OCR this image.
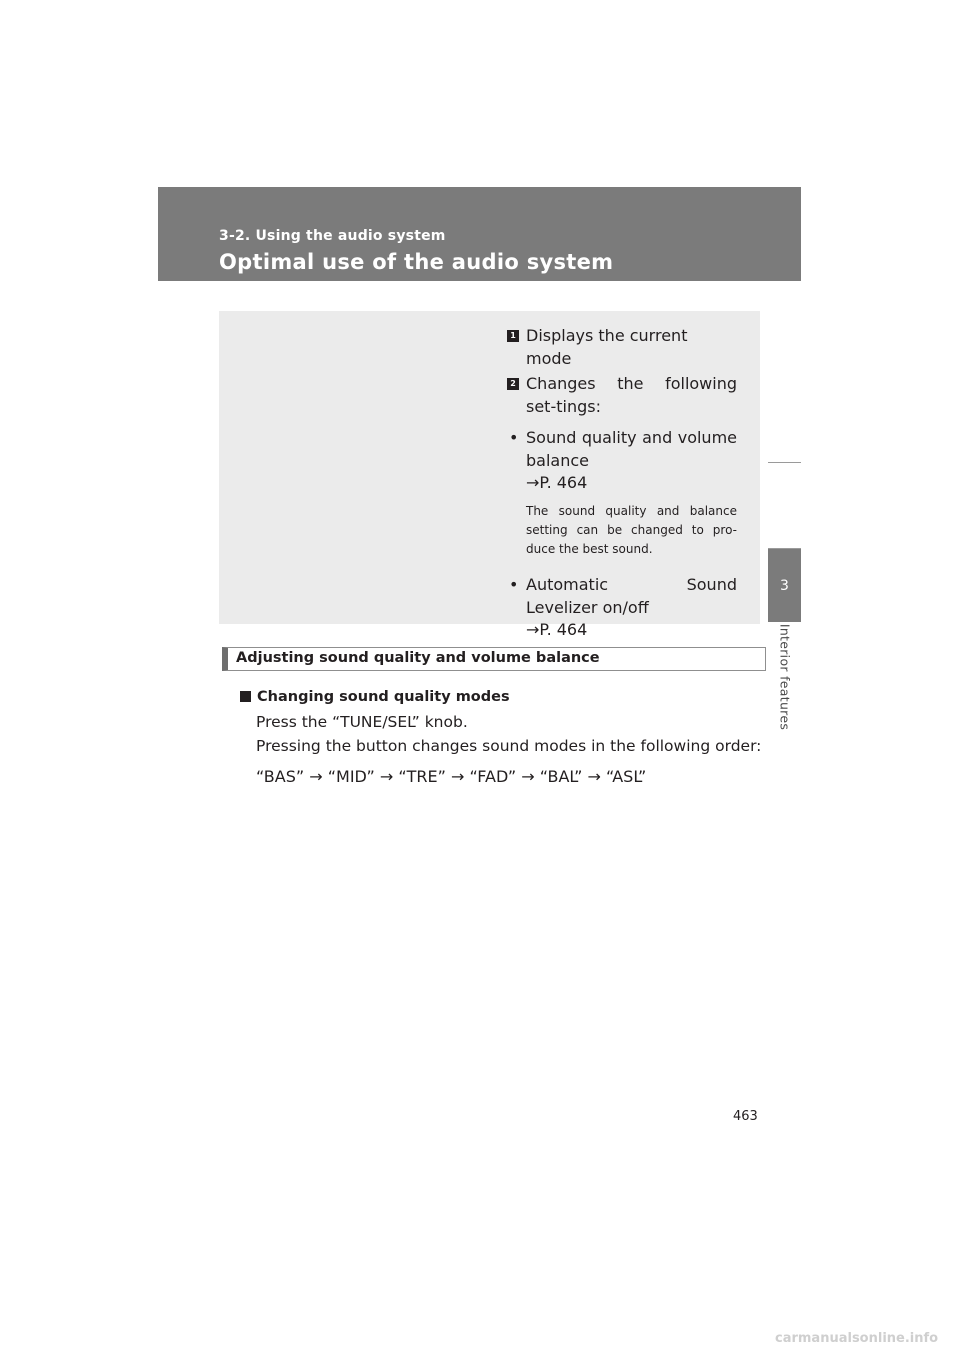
3-2. Using the audio system
Optimal use of the audio system
3
Interior features
1 Displays the current mode
2 Changes the following set-tings:
• Sound quality and volume balance
→P. 464
The sound quality and balance setting can be changed to pro-duce the best sound.
• Automatic Sound Levelizer on/off
→P. 464
Adjusting sound quality and volume balance
Changing sound quality modes
Press the “TUNE/SEL” knob.
Pressing the button changes sound modes in the following order:
“BAS” → “MID” → “TRE” → “FAD” → “BAL” → “ASL”
463
carmanualsonline.info
